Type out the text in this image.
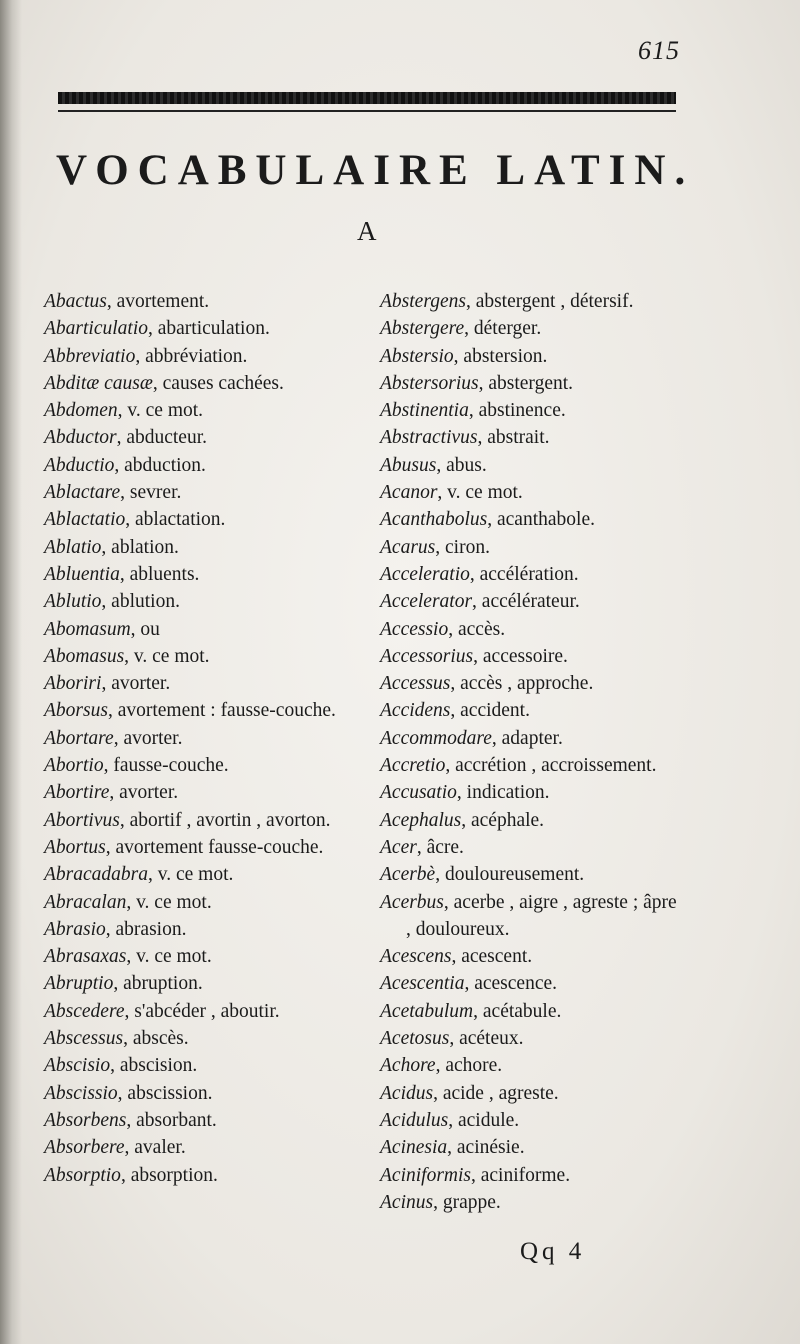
615
VOCABULAIRE LATIN.
A

Abactus, avortement.

Abarticulatio, abarticulation.

Abbreviatio, abbréviation.

Abditæ causæ, causes cachées.

Abdomen, v. ce mot.

Abductor, abducteur.

Abductio, abduction.

Ablactare, sevrer.

Ablactatio, ablactation.

Ablatio, ablation.

Abluentia, abluents.

Ablutio, ablution.

Abomasum, ou

Abomasus, v. ce mot.

Aboriri, avorter.

Aborsus, avortement : fausse-couche.

Abortare, avorter.

Abortio, fausse-couche.

Abortire, avorter.

Abortivus, abortif , avortin , avorton.

Abortus, avortement fausse-couche.

Abracadabra, v. ce mot.

Abracalan, v. ce mot.

Abrasio, abrasion.

Abrasaxas, v. ce mot.

Abruptio, abruption.

Abscedere, s'abcéder , aboutir.

Abscessus, abscès.

Abscisio, abscision.

Abscissio, abscission.

Absorbens, absorbant.

Absorbere, avaler.

Absorptio, absorption.

Abstergens, abstergent , détersif.

Abstergere, déterger.

Abstersio, abstersion.

Abstersorius, abstergent.

Abstinentia, abstinence.

Abstractivus, abstrait.

Abusus, abus.

Acanor, v. ce mot.

Acanthabolus, acanthabole.

Acarus, ciron.

Acceleratio, accélération.

Accelerator, accélérateur.

Accessio, accès.

Accessorius, accessoire.

Accessus, accès , approche.

Accidens, accident.

Accommodare, adapter.

Accretio, accrétion , accroissement.

Accusatio, indication.

Acephalus, acéphale.

Acer, âcre.

Acerbè, douloureusement.

Acerbus, acerbe , aigre , agreste ; âpre , douloureux.

Acescens, acescent.

Acescentia, acescence.

Acetabulum, acétabule.

Acetosus, acéteux.

Achore, achore.

Acidus, acide , agreste.

Acidulus, acidule.

Acinesia, acinésie.

Aciniformis, aciniforme.

Acinus, grappe.

Qq 4
